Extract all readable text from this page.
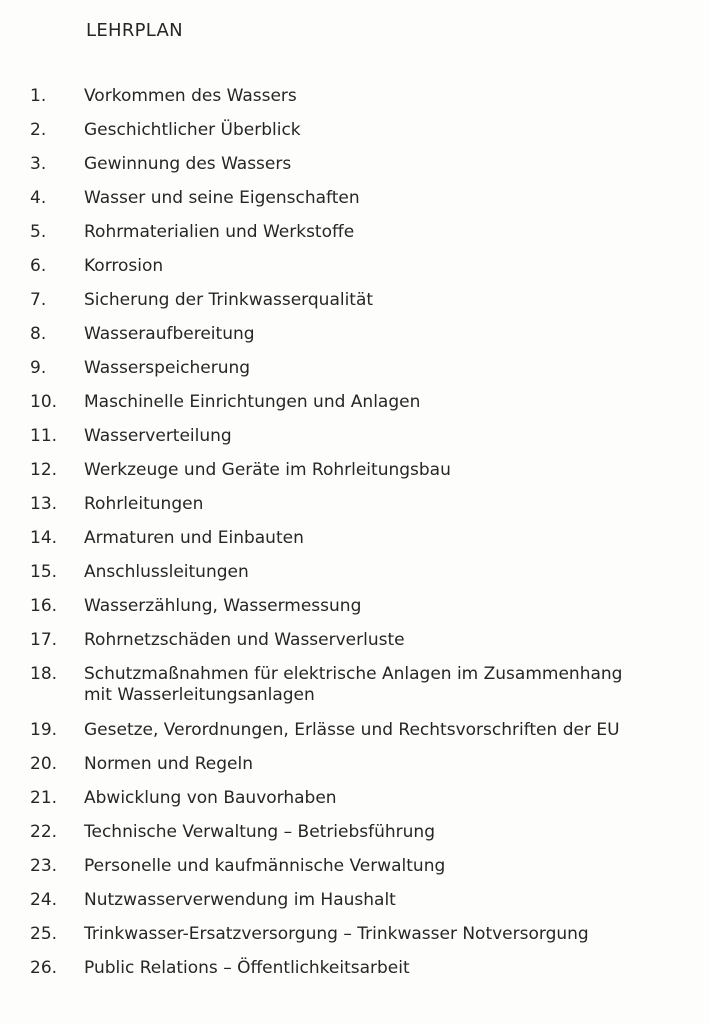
LEHRPLAN
1.	Vorkommen des Wassers
2.	Geschichtlicher Überblick
3.	Gewinnung des Wassers
4.	Wasser und seine Eigenschaften
5.	Rohrmaterialien und Werkstoffe
6.	Korrosion
7.	Sicherung der Trinkwasserqualität
8.	Wasseraufbereitung
9.	Wasserspeicherung
10.	Maschinelle Einrichtungen und Anlagen
11.	Wasserverteilung
12.	Werkzeuge und Geräte im Rohrleitungsbau
13.	Rohrleitungen
14.	Armaturen und Einbauten
15.	Anschlussleitungen
16.	Wasserzählung, Wassermessung
17.	Rohrnetzschäden und Wasserverluste
18.	Schutzmaßnahmen für elektrische Anlagen im Zusammenhang
mit Wasserleitungsanlagen
19.	Gesetze, Verordnungen, Erlässe und Rechtsvorschriften der EU
20.	Normen und Regeln
21.	Abwicklung von Bauvorhaben
22.	Technische Verwaltung – Betriebsführung
23.	Personelle und kaufmännische Verwaltung
24.	Nutzwasserverwendung im Haushalt
25.	Trinkwasser-Ersatzversorgung – Trinkwasser Notversorgung
26.	Public Relations – Öffentlichkeitsarbeit
